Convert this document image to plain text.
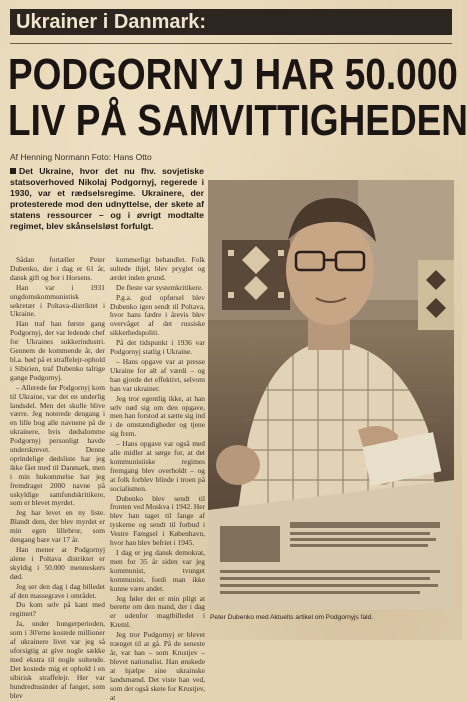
Ukrainer i Danmark:
PODGORNYJ HAR 50.000
LIV PÅ SAMVITTIGHEDEN
Af Henning Normann Foto: Hans Otto
Det Ukraine, hvor det nu fhv. sovjetiske statsoverhoved Nikolaj Podgornyj, regerede i 1930, var et rædselsregime. Ukrainere, der protesterede mod den udnyttelse, der skete af statens ressourcer – og i øvrigt modtalte regimet, blev skånselsløst forfulgt.

Sådan fortæller Peter Dubenko, der i dag er 61 år, dansk gift og bor i Horsens.

Han var i 1931 ungdomskommunistisk sekretær i Poltava-distriktet i Ukraine.

Han traf han første gang Podgornyj, der var ledende chef for Ukraines sukkerindustri. Gennem de kommende år, der bl.a. bød på et straffelejr-ophold i Sibirien, traf Dubenko talrige gange Podgornyj.

– Allerede før Podgornyj kom til Ukraine, var det en underlig landsdel. Men det skulle blive værre. Jeg noterede dengang i en lille bog alle navnene på de ukrainere, hvis dødsdomme Podgornyj personligt havde underskrevet. Denne oprindelige dødsliste har jeg ikke fået med til Danmark, men i min hukommelse har jeg fremdraget 2000 navne på uskyldige samfundskritikere, som er blevet myrdet.

Jeg har levet en ny liste. Blandt dem, der blev myrdet er min egen lillebror, som dengang bare var 17 år.

Han mener at Podgornyj alene i Poltava distriktet er skyldig i 50.000 menneskers død.

Jeg ser den dag i dag billedet af den massegrave i området.

Du kom selv på kant med regimet?

Ja, under hungerperioden, som i 30'erne kostede millioner af ukrainere livet var jeg så uforsigtig at give nogle sække med ekstra til nogle sultende. Det kostede mig et ophold i en sibirisk straffelejr. Her var hundredtusinder af fanger, som blev

kummerligt behandlet. Folk sultede ihjel, blev pryglet og ærdet inden grund.

De fleste var systemkritikere.

P.g.a. god opførsel blev Dubenko igen sendt til Poltava, hvor hans fædre i årevis blev overvåget af det russiske sikkerhedspoliti.

På det tidspunkt i 1936 var Podgornyj statlig i Ukraine.

– Hans opgave var at presse Ukraine for alt af værdi – og han gjorde det effektivt, selvom han var ukrainer.

Jeg tror egentlig ikke, at han selv nød sig om den opgave, men han forstod at sætte sig ind i de omstændigheder og tjene sig frem.

– Hans opgave var også med alle midler at sørge for, at det kommunistiske regimes fremgang blev overholdt – og at folk forblev blinde i troen på socialismen.

Dubenko blev sendt til fronten ved Moskva i 1942. Her blev han taget til fange af tyskerne og sendt til forbud i Vestre Fængsel i København, hvor han blev befriet i 1945.

I dag er jeg dansk demokrat, men for 35 år siden var jeg kommunist, tvunget kommunist, fordi man ikke kunne være andet.

Jeg føler det er min pligt at berette om den mand, der i dag er udenfor magtbilledet i Kreml.

Jeg tror Podgornyj er blevet trænget til at gå. På de seneste år, var han – som Krustjev – blevet nationalist. Han ønskede at hjælpe sine ukrainske landsmænd. Det viste han ved, som det også skete for Krustjev, at

Peter Dubenko med Aktuelts artikel om Podgornyjs fald.
